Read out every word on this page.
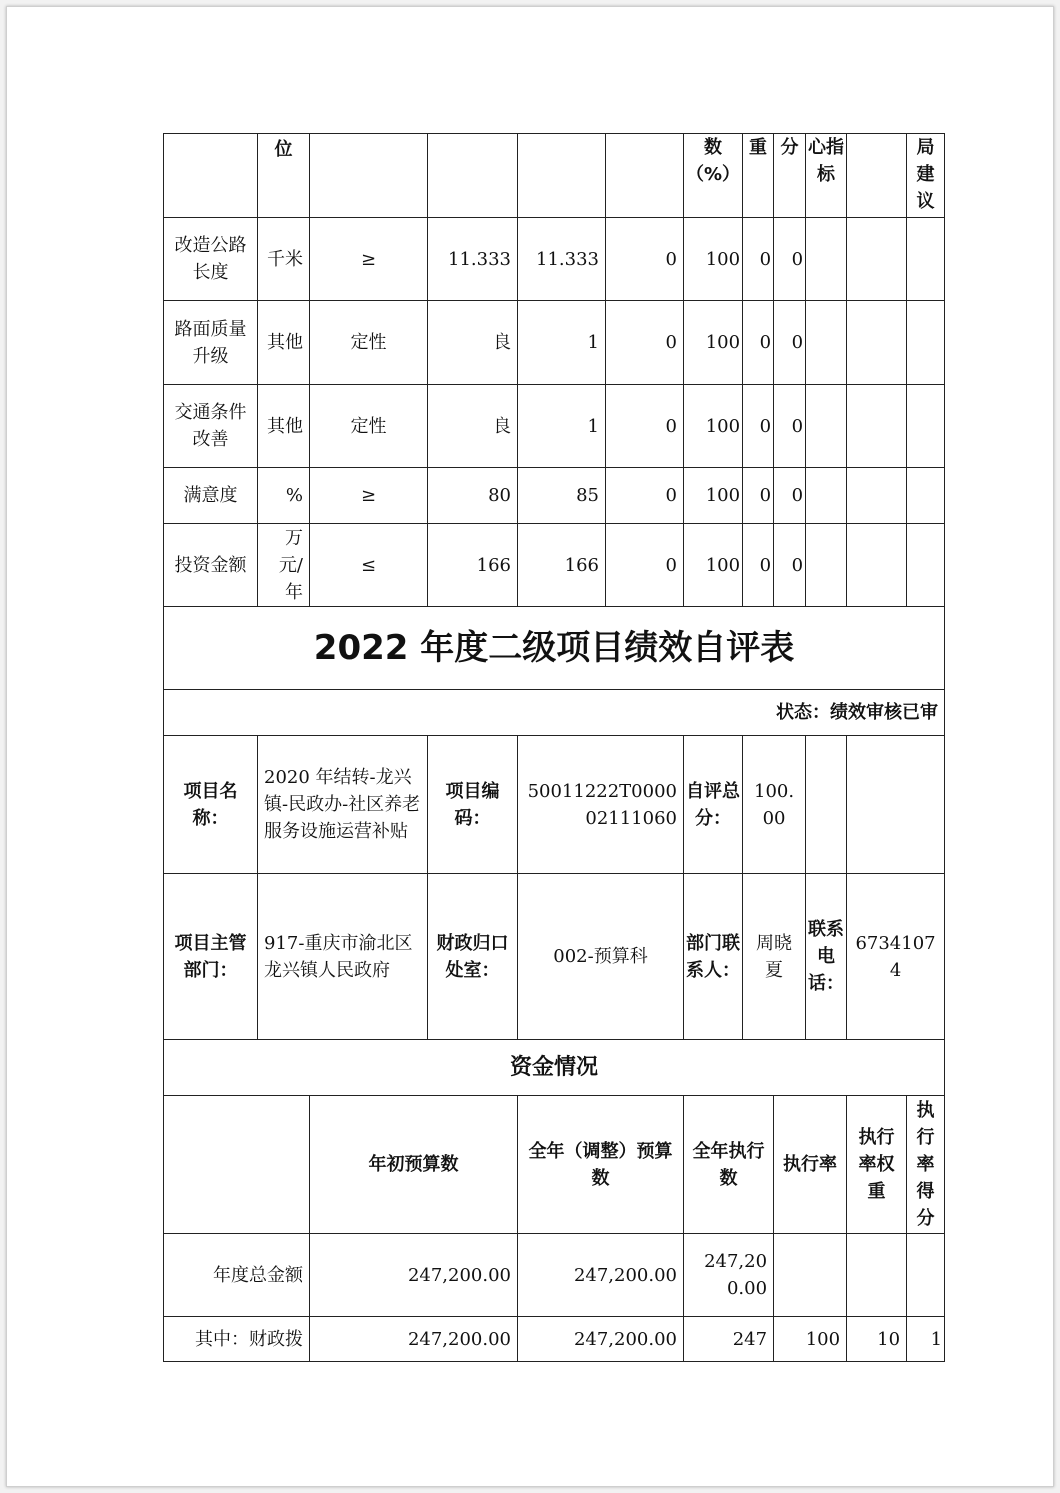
	位					数（%）	重	分	心指标		局建议
改造公路长度	千米	≥	11.333	11.333	0	100	0	0			
路面质量升级	其他	定性	良	1	0	100	0	0			
交通条件改善	其他	定性	良	1	0	100	0	0			
满意度	%	≥	80	85	0	100	0	0			
投资金额	万元/年	≤	166	166	0	100	0	0			
2022 年度二级项目绩效自评表											
状态：绩效审核已审											
项目名称：	2020 年结转-龙兴镇-民政办-社区养老服务设施运营补贴		项目编码：	50011222T000002111060		自评总分：	100.00				
项目主管部门：	917-重庆市渝北区龙兴镇人民政府		财政归口处室：	002-预算科		部门联系人：	周晓夏		联系电话：	67341074	
资金情况											
		年初预算数		全年（调整）预算数		全年执行数		执行率		执行率权重	执行率得分
年度总金额		247,200.00		247,200.00		247,200.00					
其中：财政拨		247,200.00		247,200.00		247		100		10	1
